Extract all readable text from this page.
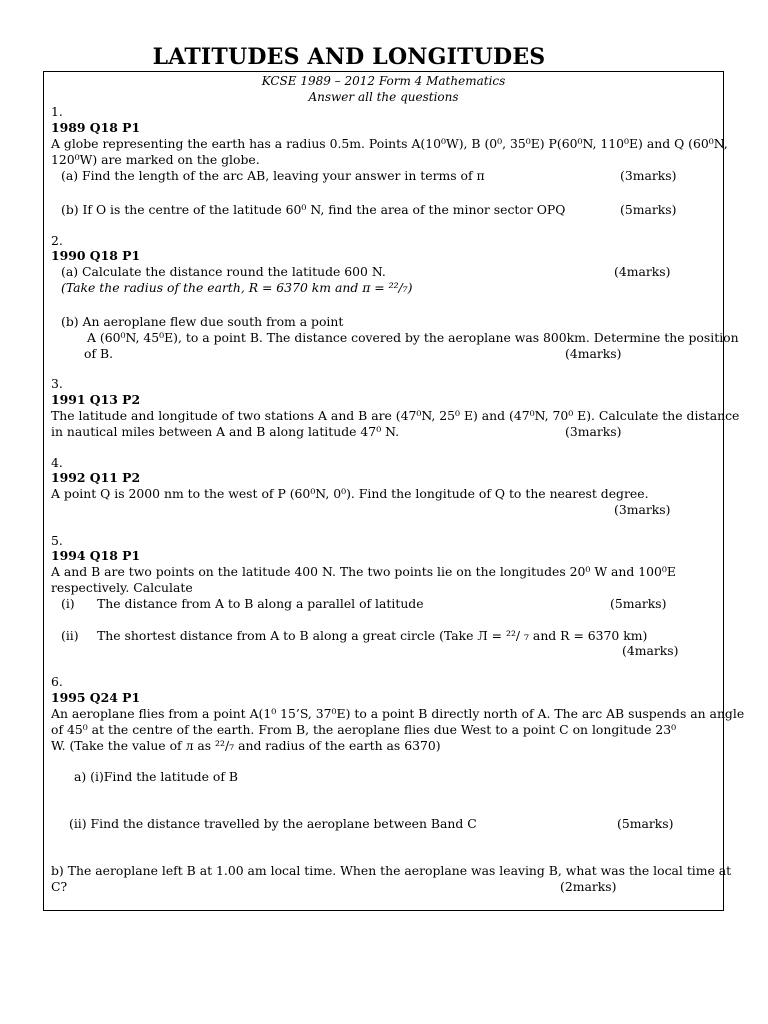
LATITUDES AND LONGITUDES
KCSE 1989 – 2012 Form 4 Mathematics
Answer all the questions
1.
1989 Q18 P1
A globe representing the earth has a radius 0.5m. Points A(10⁰W), B (0⁰, 35⁰E) P(60⁰N, 110⁰E) and Q (60⁰N,
120⁰W) are marked on the globe.
(a) Find the length of the arc AB, leaving your answer in terms of π	(3marks)
(b) If O is the centre of the latitude 60⁰ N, find the area of the minor sector OPQ	(5marks)
2.
1990 Q18 P1
(a) Calculate the distance round the latitude 600 N.	(4marks)
(Take the radius of the earth, R = 6370 km and π = ²²/₇)
(b) An aeroplane flew due south from a point
A (60⁰N, 45⁰E), to a point B. The distance covered by the aeroplane was 800km. Determine the position
of B.	(4marks)
3.
1991 Q13 P2
The latitude and longitude of two stations A and B are (47⁰N, 25⁰ E) and (47⁰N, 70⁰ E). Calculate the distance
in nautical miles between A and B along latitude 47⁰ N.	(3marks)
4.
1992 Q11 P2
A point Q is 2000 nm to the west of P (60⁰N, 0⁰). Find the longitude of Q to the nearest degree.
(3marks)
5.
1994 Q18 P1
A and B are two points on the latitude 400 N. The two points lie on the longitudes 20⁰ W and 100⁰E
respectively. Calculate
(i) The distance from A to B along a parallel of latitude	(5marks)
(ii) The shortest distance from A to B along a great circle (Take Л = ²²/ ₇ and R = 6370 km)
(4marks)
6.
1995 Q24 P1
An aeroplane flies from a point A(1⁰ 15’S, 37⁰E) to a point B directly north of A. The arc AB suspends an angle
of 45⁰ at the centre of the earth. From B, the aeroplane flies due West to a point C on longitude 23⁰
W. (Take the value of л as ²²/₇ and radius of the earth as 6370)
a) (i)Find the latitude of B
(ii) Find the distance travelled by the aeroplane between Band C	(5marks)
b) The aeroplane left B at 1.00 am local time. When the aeroplane was leaving B, what was the local time at
C?	(2marks)
